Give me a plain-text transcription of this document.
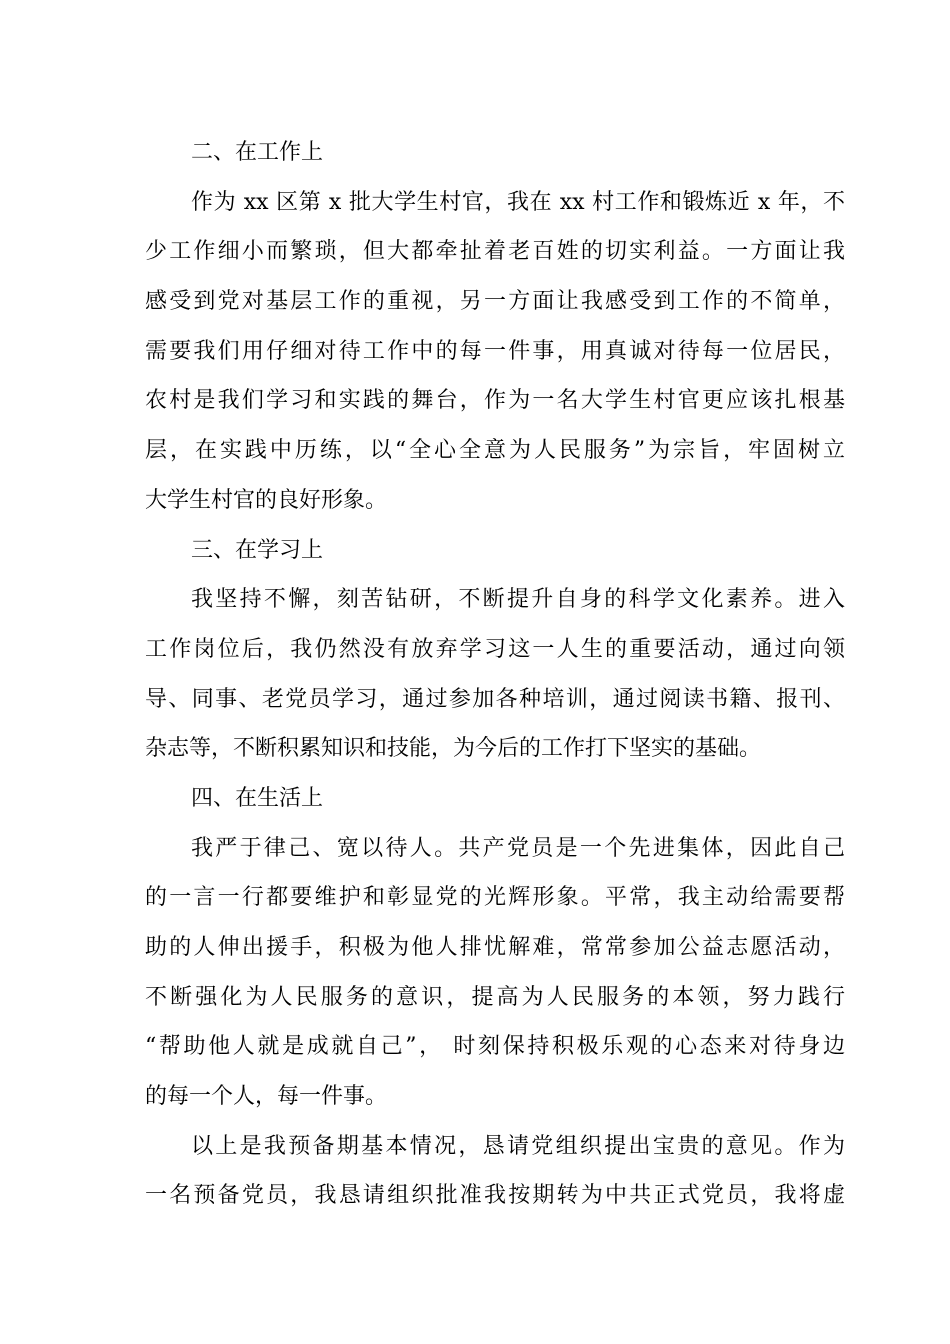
二、在工作上
作为 xx 区第 x 批大学生村官，我在 xx 村工作和锻炼近 x 年，不
少工作细小而繁琐，但大都牵扯着老百姓的切实利益。一方面让我
感受到党对基层工作的重视，另一方面让我感受到工作的不简单，
需要我们用仔细对待工作中的每一件事，用真诚对待每一位居民，
农村是我们学习和实践的舞台，作为一名大学生村官更应该扎根基
层，在实践中历练，以“全心全意为人民服务”为宗旨，牢固树立
大学生村官的良好形象。
三、在学习上
我坚持不懈，刻苦钻研，不断提升自身的科学文化素养。进入
工作岗位后，我仍然没有放弃学习这一人生的重要活动，通过向领
导、同事、老党员学习，通过参加各种培训，通过阅读书籍、报刊、
杂志等，不断积累知识和技能，为今后的工作打下坚实的基础。
四、在生活上
我严于律己、宽以待人。共产党员是一个先进集体，因此自己
的一言一行都要维护和彰显党的光辉形象。平常，我主动给需要帮
助的人伸出援手，积极为他人排忧解难，常常参加公益志愿活动，
不断强化为人民服务的意识，提高为人民服务的本领，努力践行
“帮助他人就是成就自己”， 时刻保持积极乐观的心态来对待身边
的每一个人，每一件事。
以上是我预备期基本情况，恳请党组织提出宝贵的意见。作为
一名预备党员，我恳请组织批准我按期转为中共正式党员，我将虚
